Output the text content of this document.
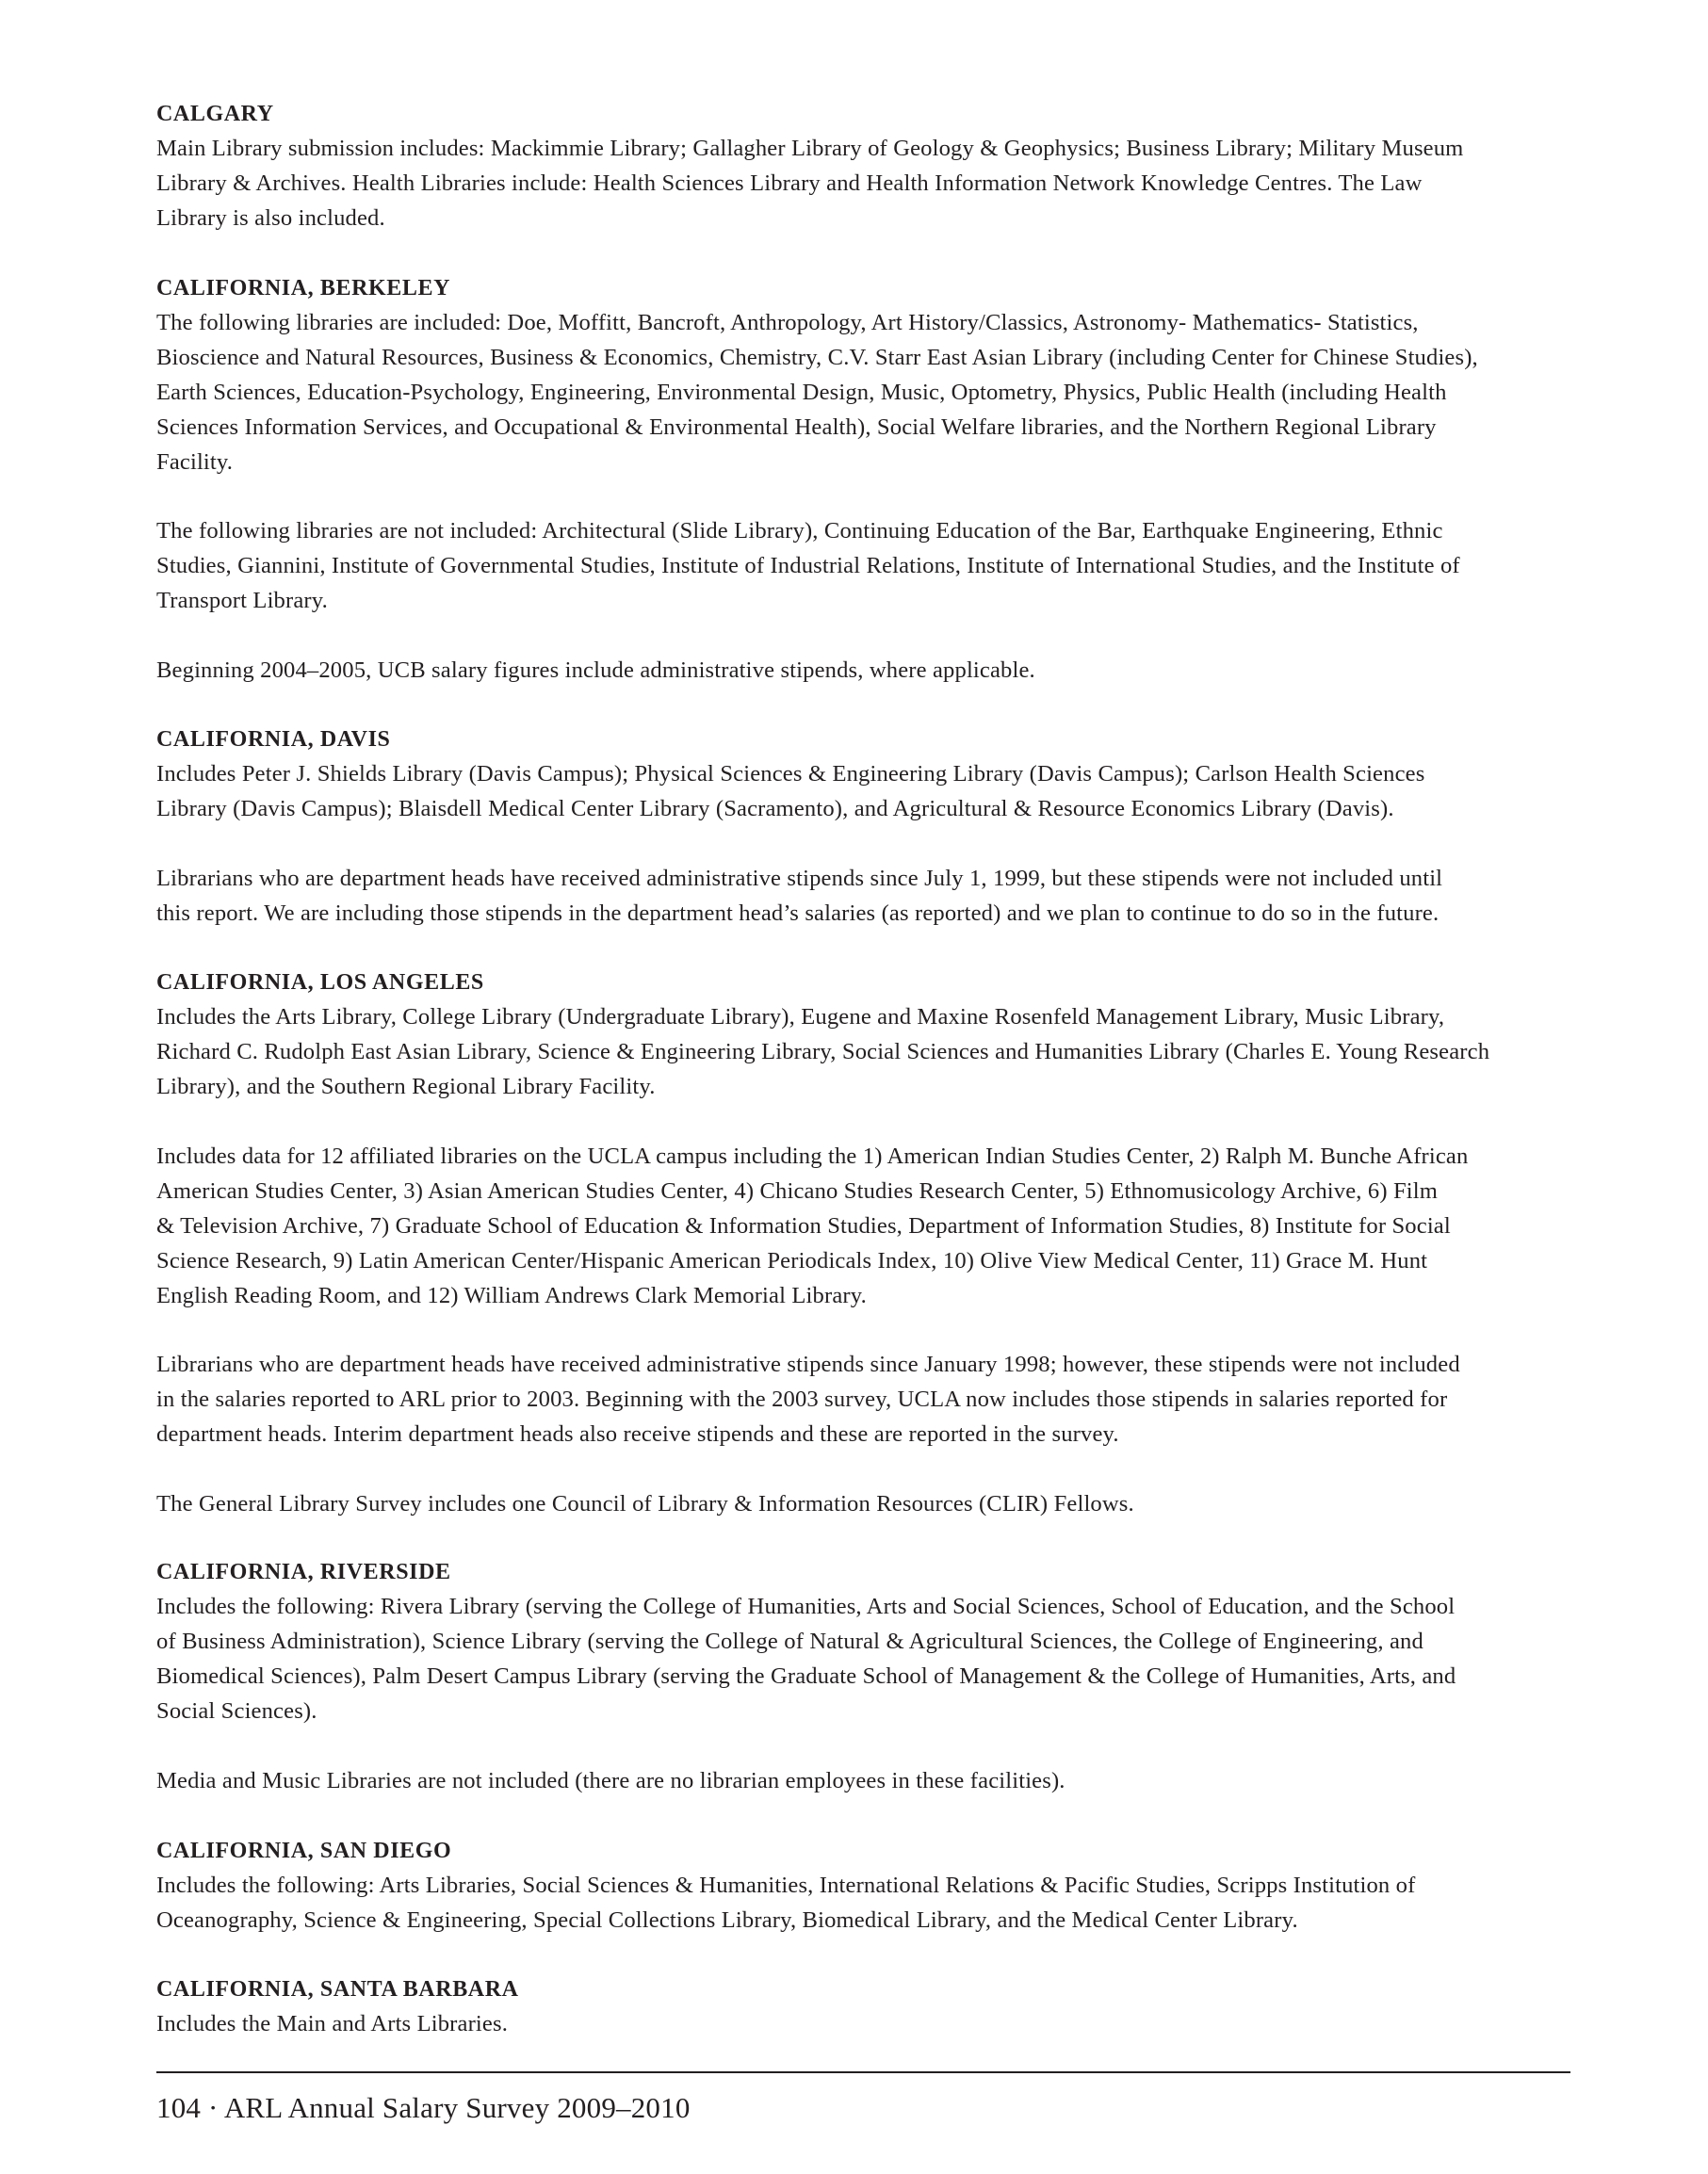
CALGARY
Main Library submission includes: Mackimmie Library; Gallagher Library of Geology & Geophysics; Business Library; Military Museum
Library & Archives. Health Libraries include: Health Sciences Library and Health Information Network Knowledge Centres. The Law
Library is also included.
CALIFORNIA, BERKELEY
The following libraries are included: Doe, Moffitt, Bancroft, Anthropology, Art History/Classics, Astronomy- Mathematics- Statistics,
Bioscience and Natural Resources, Business & Economics, Chemistry, C.V. Starr East Asian Library (including Center for Chinese Studies),
Earth Sciences, Education-Psychology, Engineering, Environmental Design, Music, Optometry, Physics, Public Health (including Health
Sciences Information Services, and Occupational & Environmental Health), Social Welfare libraries, and the Northern Regional Library
Facility.
The following libraries are not included: Architectural (Slide Library), Continuing Education of the Bar, Earthquake Engineering, Ethnic
Studies, Giannini, Institute of Governmental Studies, Institute of Industrial Relations, Institute of International Studies, and the Institute of
Transport Library.
Beginning 2004–2005, UCB salary figures include administrative stipends, where applicable.
CALIFORNIA, DAVIS
Includes Peter J. Shields Library (Davis Campus); Physical Sciences & Engineering Library (Davis Campus); Carlson Health Sciences
Library (Davis Campus); Blaisdell Medical Center Library (Sacramento), and Agricultural & Resource Economics Library (Davis).
Librarians who are department heads have received administrative stipends since July 1, 1999, but these stipends were not included until
this report. We are including those stipends in the department head’s salaries (as reported) and we plan to continue to do so in the future.
CALIFORNIA, LOS ANGELES
Includes the Arts Library, College Library (Undergraduate Library), Eugene and Maxine Rosenfeld Management Library, Music Library,
Richard C. Rudolph East Asian Library, Science & Engineering Library, Social Sciences and Humanities Library (Charles E. Young Research
Library), and the Southern Regional Library Facility.
Includes data for 12 affiliated libraries on the UCLA campus including the 1) American Indian Studies Center, 2) Ralph M. Bunche African
American Studies Center, 3) Asian American Studies Center, 4) Chicano Studies Research Center, 5) Ethnomusicology Archive, 6) Film
& Television Archive, 7) Graduate School of Education & Information Studies, Department of Information Studies, 8) Institute for Social
Science Research, 9) Latin American Center/Hispanic American Periodicals Index, 10) Olive View Medical Center, 11) Grace M. Hunt
English Reading Room, and 12) William Andrews Clark Memorial Library.
Librarians who are department heads have received administrative stipends since January 1998; however, these stipends were not included
in the salaries reported to ARL prior to 2003. Beginning with the 2003 survey, UCLA now includes those stipends in salaries reported for
department heads. Interim department heads also receive stipends and these are reported in the survey.
The General Library Survey includes one Council of Library & Information Resources (CLIR) Fellows.
CALIFORNIA, RIVERSIDE
Includes the following: Rivera Library (serving the College of Humanities, Arts and Social Sciences, School of Education, and the School
of Business Administration), Science Library (serving the College of Natural & Agricultural Sciences, the College of Engineering, and
Biomedical Sciences), Palm Desert Campus Library (serving the Graduate School of Management & the College of Humanities, Arts, and
Social Sciences).
Media and Music Libraries are not included (there are no librarian employees in these facilities).
CALIFORNIA, SAN DIEGO
Includes the following: Arts Libraries, Social Sciences & Humanities, International Relations & Pacific Studies, Scripps Institution of
Oceanography, Science & Engineering, Special Collections Library, Biomedical Library, and the Medical Center Library.
CALIFORNIA, SANTA BARBARA
Includes the Main and Arts Libraries.
104 · ARL Annual Salary Survey 2009–2010
